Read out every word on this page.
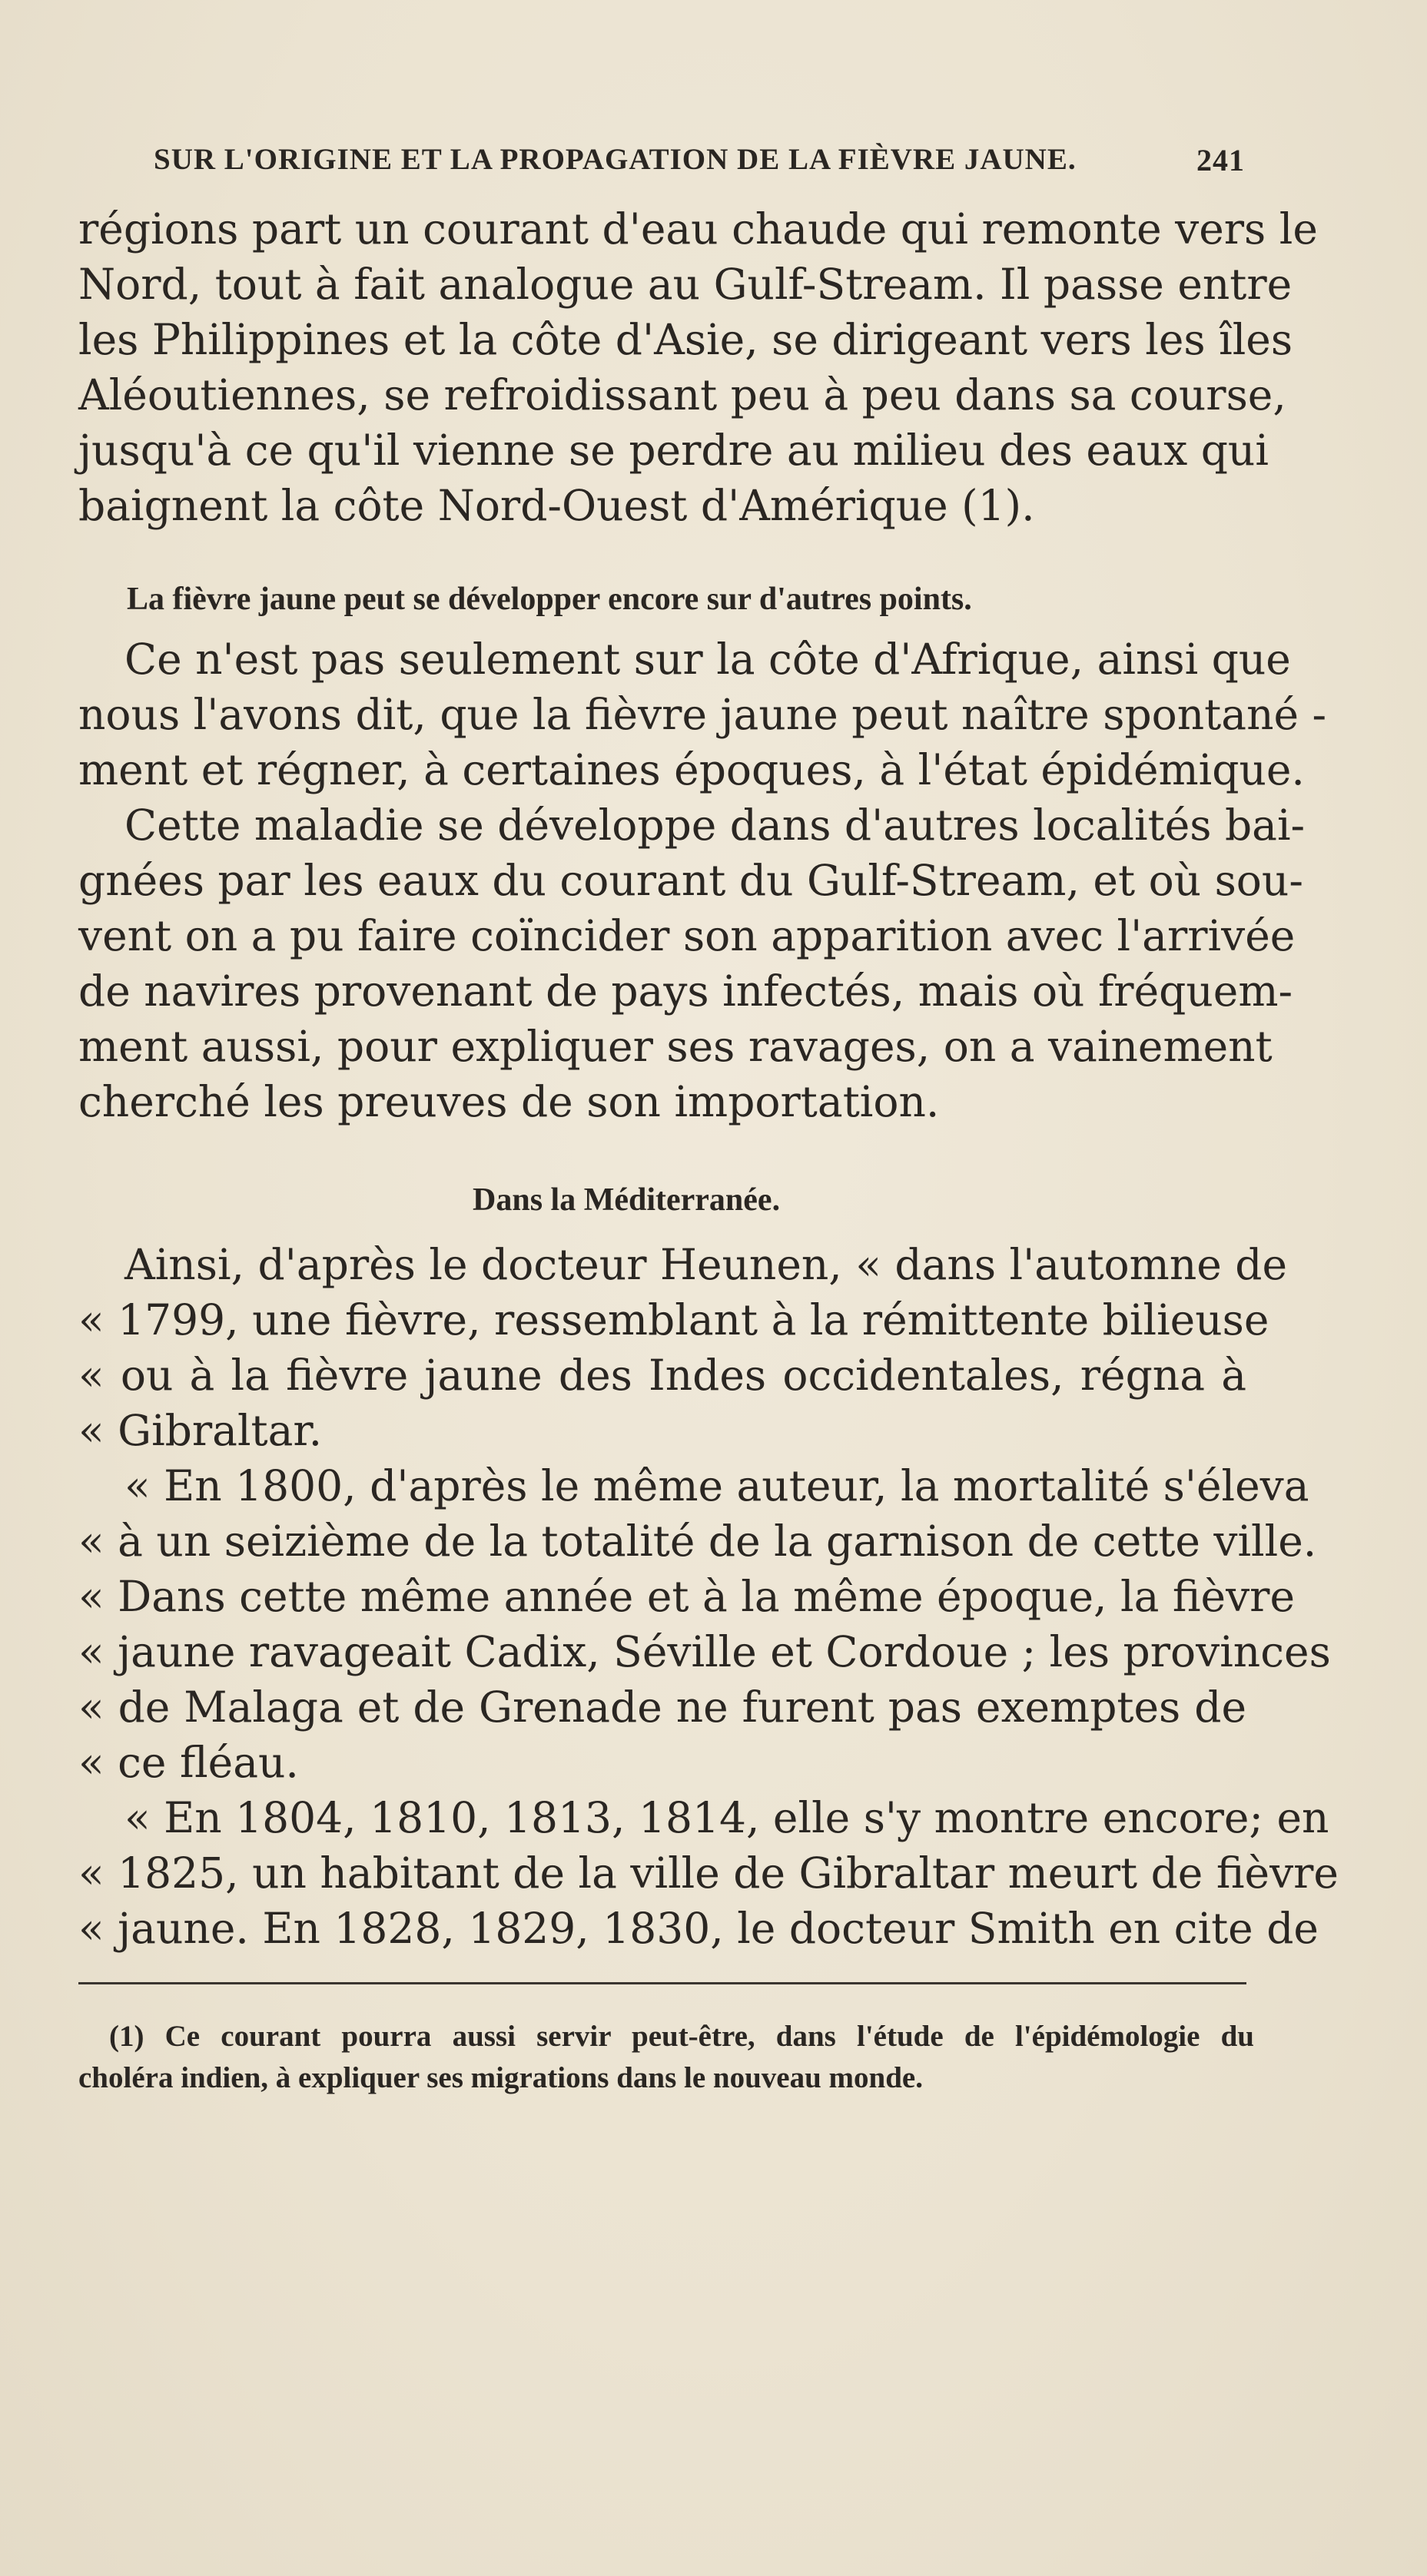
SUR L'ORIGINE ET LA PROPAGATION DE LA FIÈVRE JAUNE.	241
régions part un courant d'eau chaude qui remonte vers le
Nord, tout à fait analogue au Gulf-Stream. Il passe entre
les Philippines et la côte d'Asie, se dirigeant vers les îles
Aléoutiennes, se refroidissant peu à peu dans sa course,
jusqu'à ce qu'il vienne se perdre au milieu des eaux qui
baignent la côte Nord-Ouest d'Amérique (1).
La fièvre jaune peut se développer encore sur d'autres points.
Ce n'est pas seulement sur la côte d'Afrique, ainsi que
nous l'avons dit, que la fièvre jaune peut naître spontané -
ment et régner, à certaines époques, à l'état épidémique.
Cette maladie se développe dans d'autres localités bai-
gnées par les eaux du courant du Gulf-Stream, et où sou-
vent on a pu faire coïncider son apparition avec l'arrivée
de navires provenant de pays infectés, mais où fréquem-
ment aussi, pour expliquer ses ravages, on a vainement
cherché les preuves de son importation.
Dans la Méditerranée.
Ainsi, d'après le docteur Heunen, « dans l'automne de
« 1799, une fièvre, ressemblant à la rémittente bilieuse
« ou à la fièvre jaune des Indes occidentales, régna à
« Gibraltar.
« En 1800, d'après le même auteur, la mortalité s'éleva
« à un seizième de la totalité de la garnison de cette ville.
« Dans cette même année et à la même époque, la fièvre
« jaune ravageait Cadix, Séville et Cordoue ; les provinces
« de Malaga et de Grenade ne furent pas exemptes de
« ce fléau.
« En 1804, 1810, 1813, 1814, elle s'y montre encore; en
« 1825, un habitant de la ville de Gibraltar meurt de fièvre
« jaune. En 1828, 1829, 1830, le docteur Smith en cite de
(1) Ce courant pourra aussi servir peut-être, dans l'étude de l'épidémologie du
choléra indien, à expliquer ses migrations dans le nouveau monde.
